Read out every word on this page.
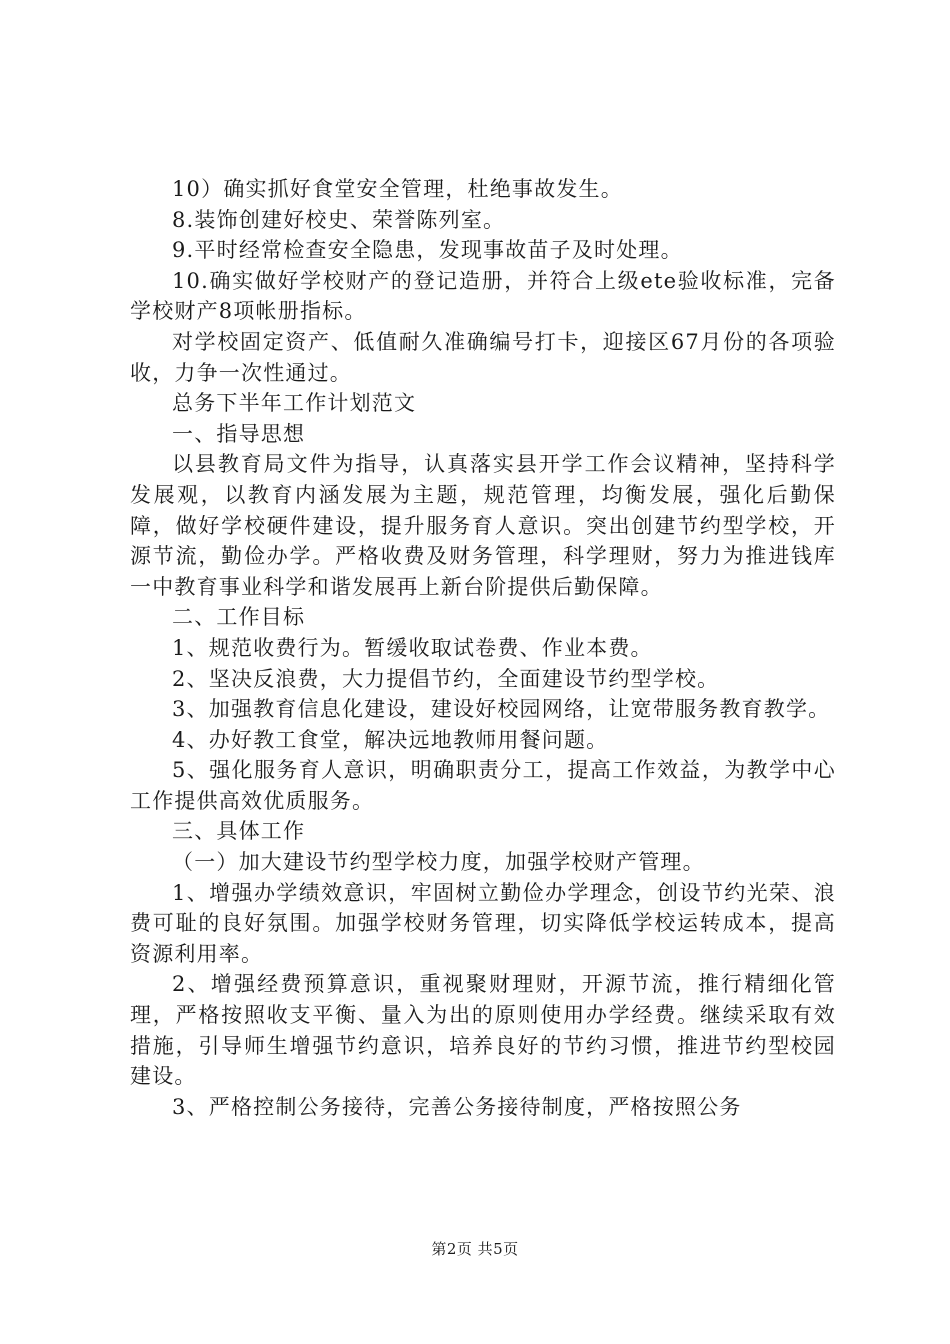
10）确实抓好食堂安全管理，杜绝事故发生。

8.装饰创建好校史、荣誉陈列室。

9.平时经常检查安全隐患，发现事故苗子及时处理。

10.确实做好学校财产的登记造册，并符合上级ete验收标准，完备学校财产8项帐册指标。

对学校固定资产、低值耐久准确编号打卡，迎接区67月份的各项验收，力争一次性通过。

总务下半年工作计划范文

一、指导思想

以县教育局文件为指导，认真落实县开学工作会议精神，坚持科学发展观，以教育内涵发展为主题，规范管理，均衡发展，强化后勤保障，做好学校硬件建设，提升服务育人意识。突出创建节约型学校，开源节流，勤俭办学。严格收费及财务管理，科学理财，努力为推进钱库一中教育事业科学和谐发展再上新台阶提供后勤保障。

二、工作目标

1、规范收费行为。暂缓收取试卷费、作业本费。

2、坚决反浪费，大力提倡节约，全面建设节约型学校。

3、加强教育信息化建设，建设好校园网络，让宽带服务教育教学。

4、办好教工食堂，解决远地教师用餐问题。

5、强化服务育人意识，明确职责分工，提高工作效益，为教学中心工作提供高效优质服务。

三、具体工作

（一）加大建设节约型学校力度，加强学校财产管理。

1、增强办学绩效意识，牢固树立勤俭办学理念，创设节约光荣、浪费可耻的良好氛围。加强学校财务管理，切实降低学校运转成本，提高资源利用率。

2、增强经费预算意识，重视聚财理财，开源节流，推行精细化管理，严格按照收支平衡、量入为出的原则使用办学经费。继续采取有效措施，引导师生增强节约意识，培养良好的节约习惯，推进节约型校园建设。

3、严格控制公务接待，完善公务接待制度，严格按照公务

第2页 共5页
